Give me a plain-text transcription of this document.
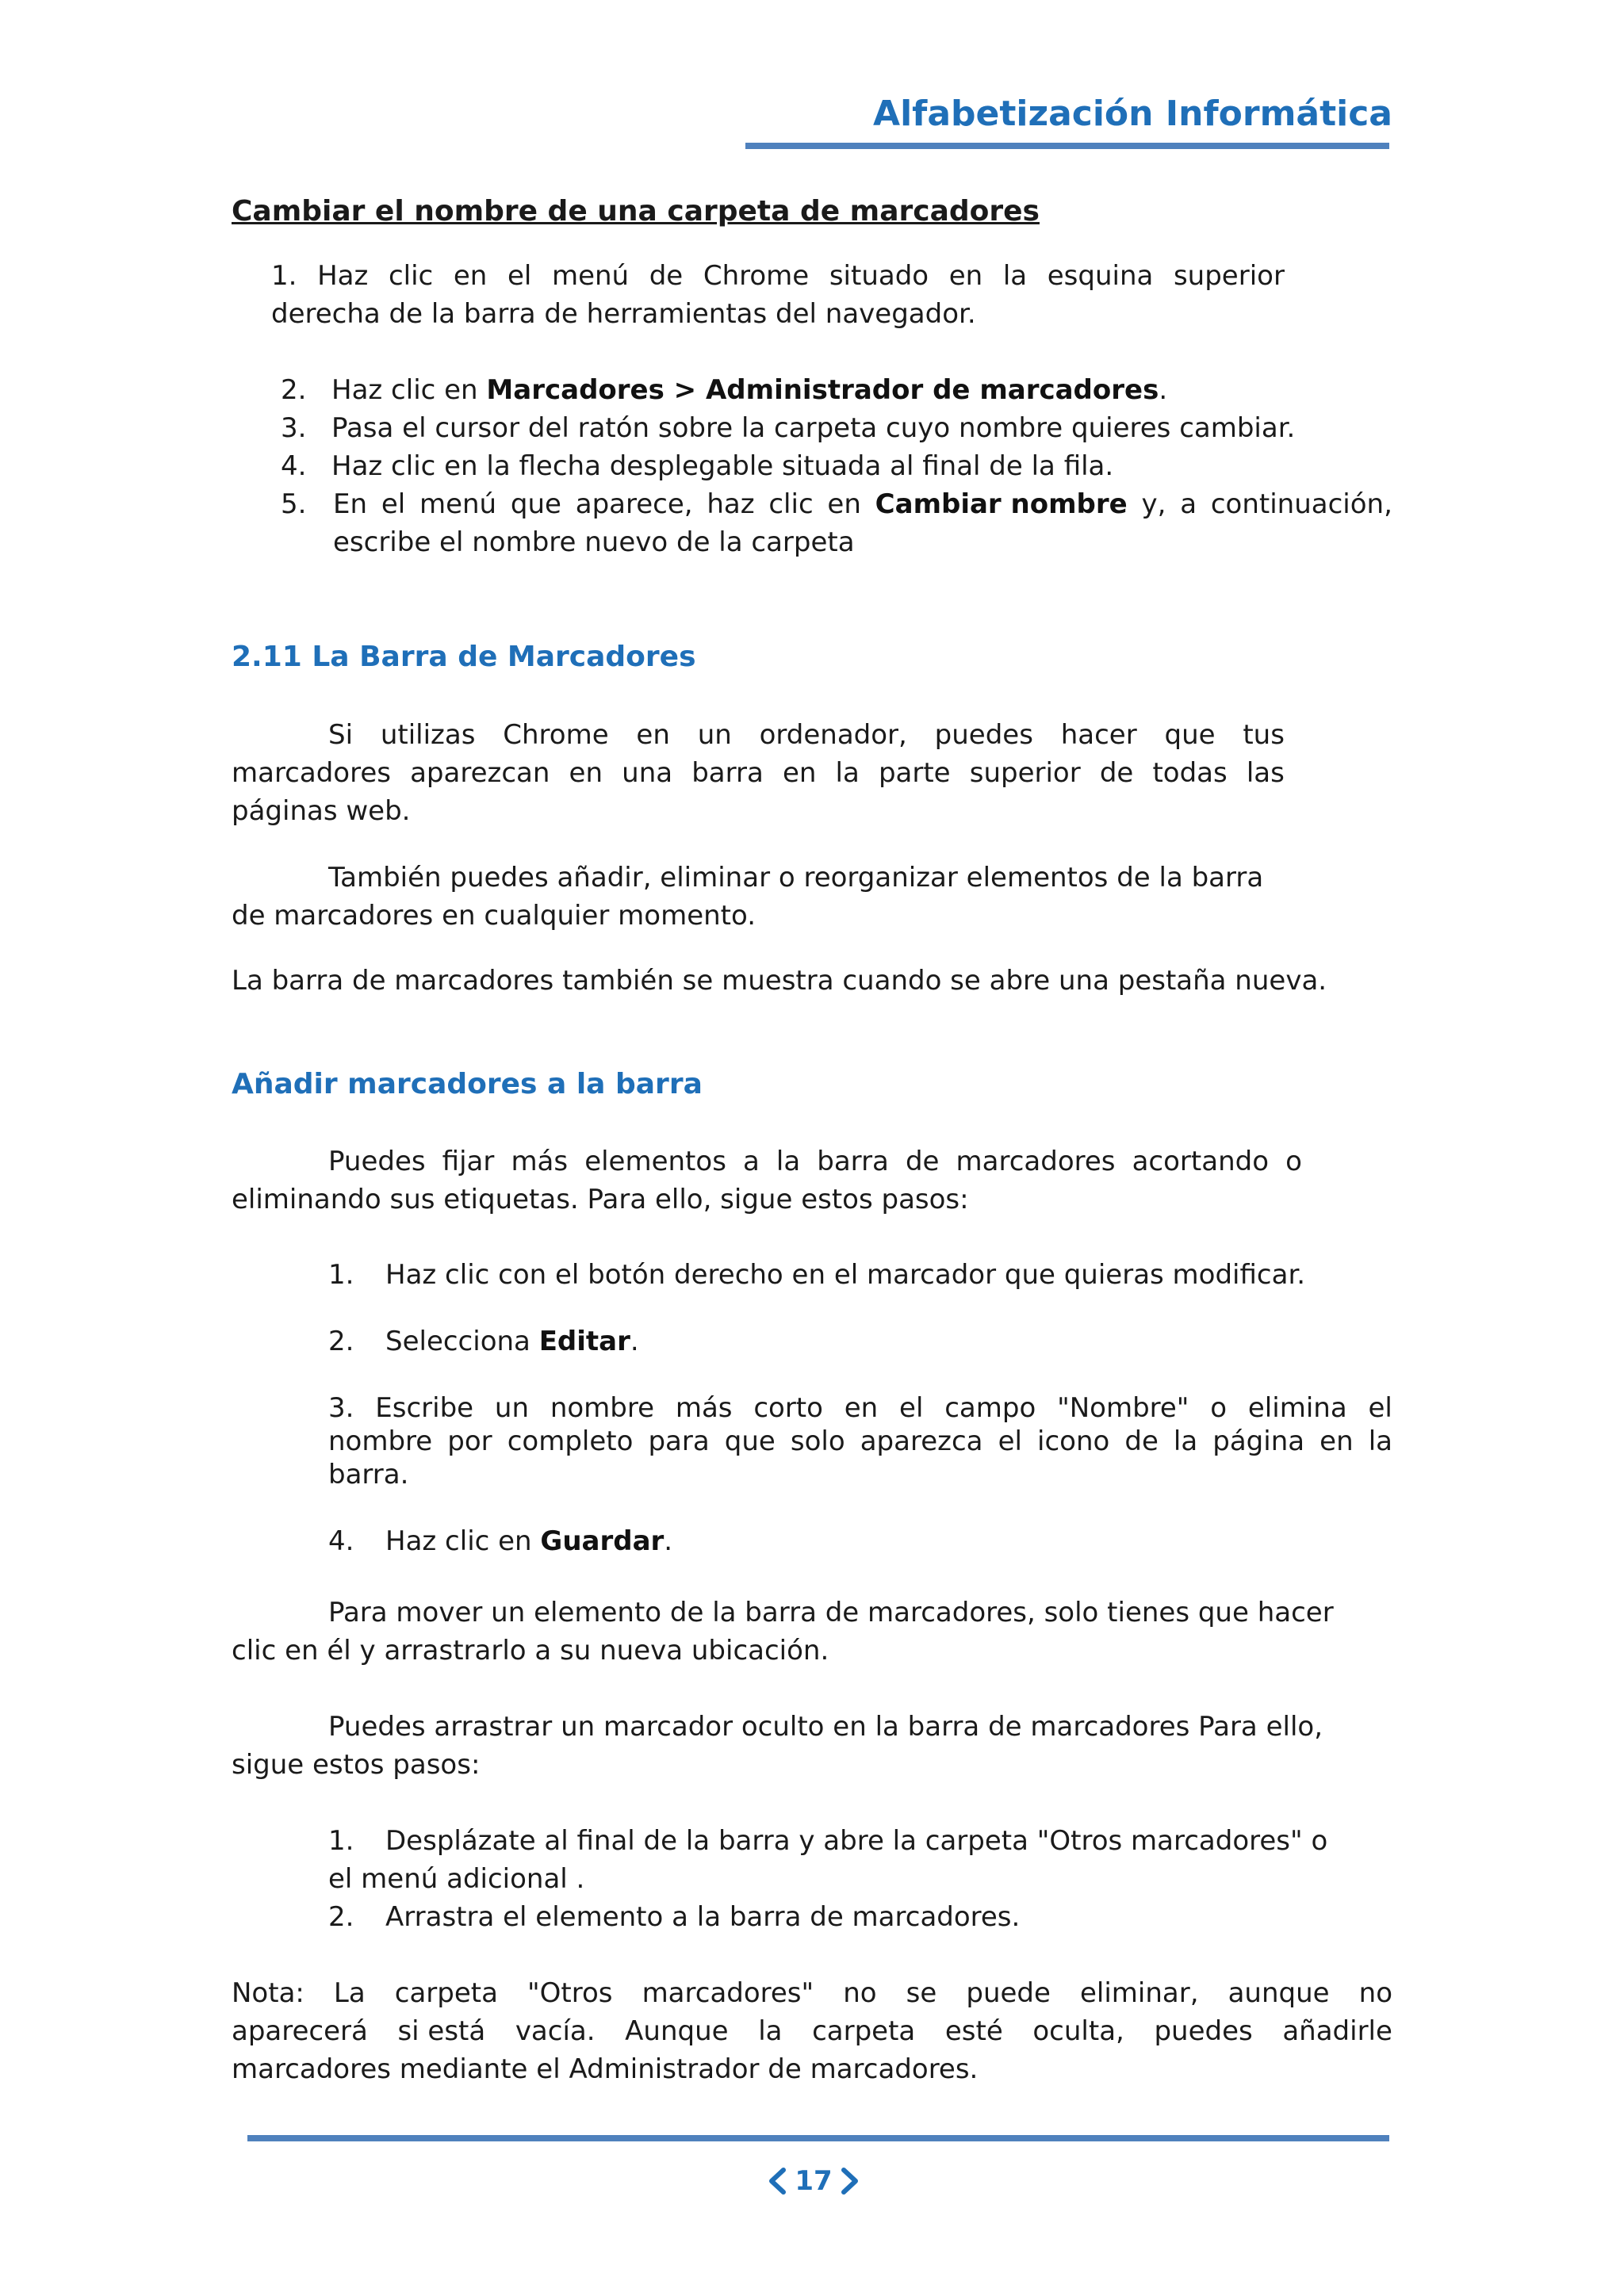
Alfabetización Informática
Cambiar el nombre de una carpeta de marcadores
1. Haz clic en el menú de Chrome situado en la esquina superior
derecha de la barra de herramientas del navegador.
2. Haz clic en Marcadores > Administrador de marcadores.
3. Pasa el cursor del ratón sobre la carpeta cuyo nombre quieres cambiar.
4. Haz clic en la flecha desplegable situada al final de la fila.
5. En el menú que aparece, haz clic en Cambiar nombre y, a continuación,
escribe el nombre nuevo de la carpeta
2.11 La Barra de Marcadores
Si utilizas Chrome en un ordenador, puedes hacer que tus
marcadores aparezcan en una barra en la parte superior de todas las
páginas web.
También puedes añadir, eliminar o reorganizar elementos de la barra
de marcadores en cualquier momento.
La barra de marcadores también se muestra cuando se abre una pestaña nueva.
Añadir marcadores a la barra
Puedes fijar más elementos a la barra de marcadores acortando o
eliminando sus etiquetas. Para ello, sigue estos pasos:
1. Haz clic con el botón derecho en el marcador que quieras modificar.
2. Selecciona Editar.
3. Escribe un nombre más corto en el campo "Nombre" o elimina el
nombre por completo para que solo aparezca el icono de la página en la
barra.
4. Haz clic en Guardar.
Para mover un elemento de la barra de marcadores, solo tienes que hacer
clic en él y arrastrarlo a su nueva ubicación.
Puedes arrastrar un marcador oculto en la barra de marcadores Para ello,
sigue estos pasos:
1. Desplázate al final de la barra y abre la carpeta "Otros marcadores" o
el menú adicional .
2. Arrastra el elemento a la barra de marcadores.
Nota: La carpeta "Otros marcadores" no se puede eliminar, aunque no
aparecerá si está vacía. Aunque la carpeta esté oculta, puedes añadirle
marcadores mediante el Administrador de marcadores.
17
